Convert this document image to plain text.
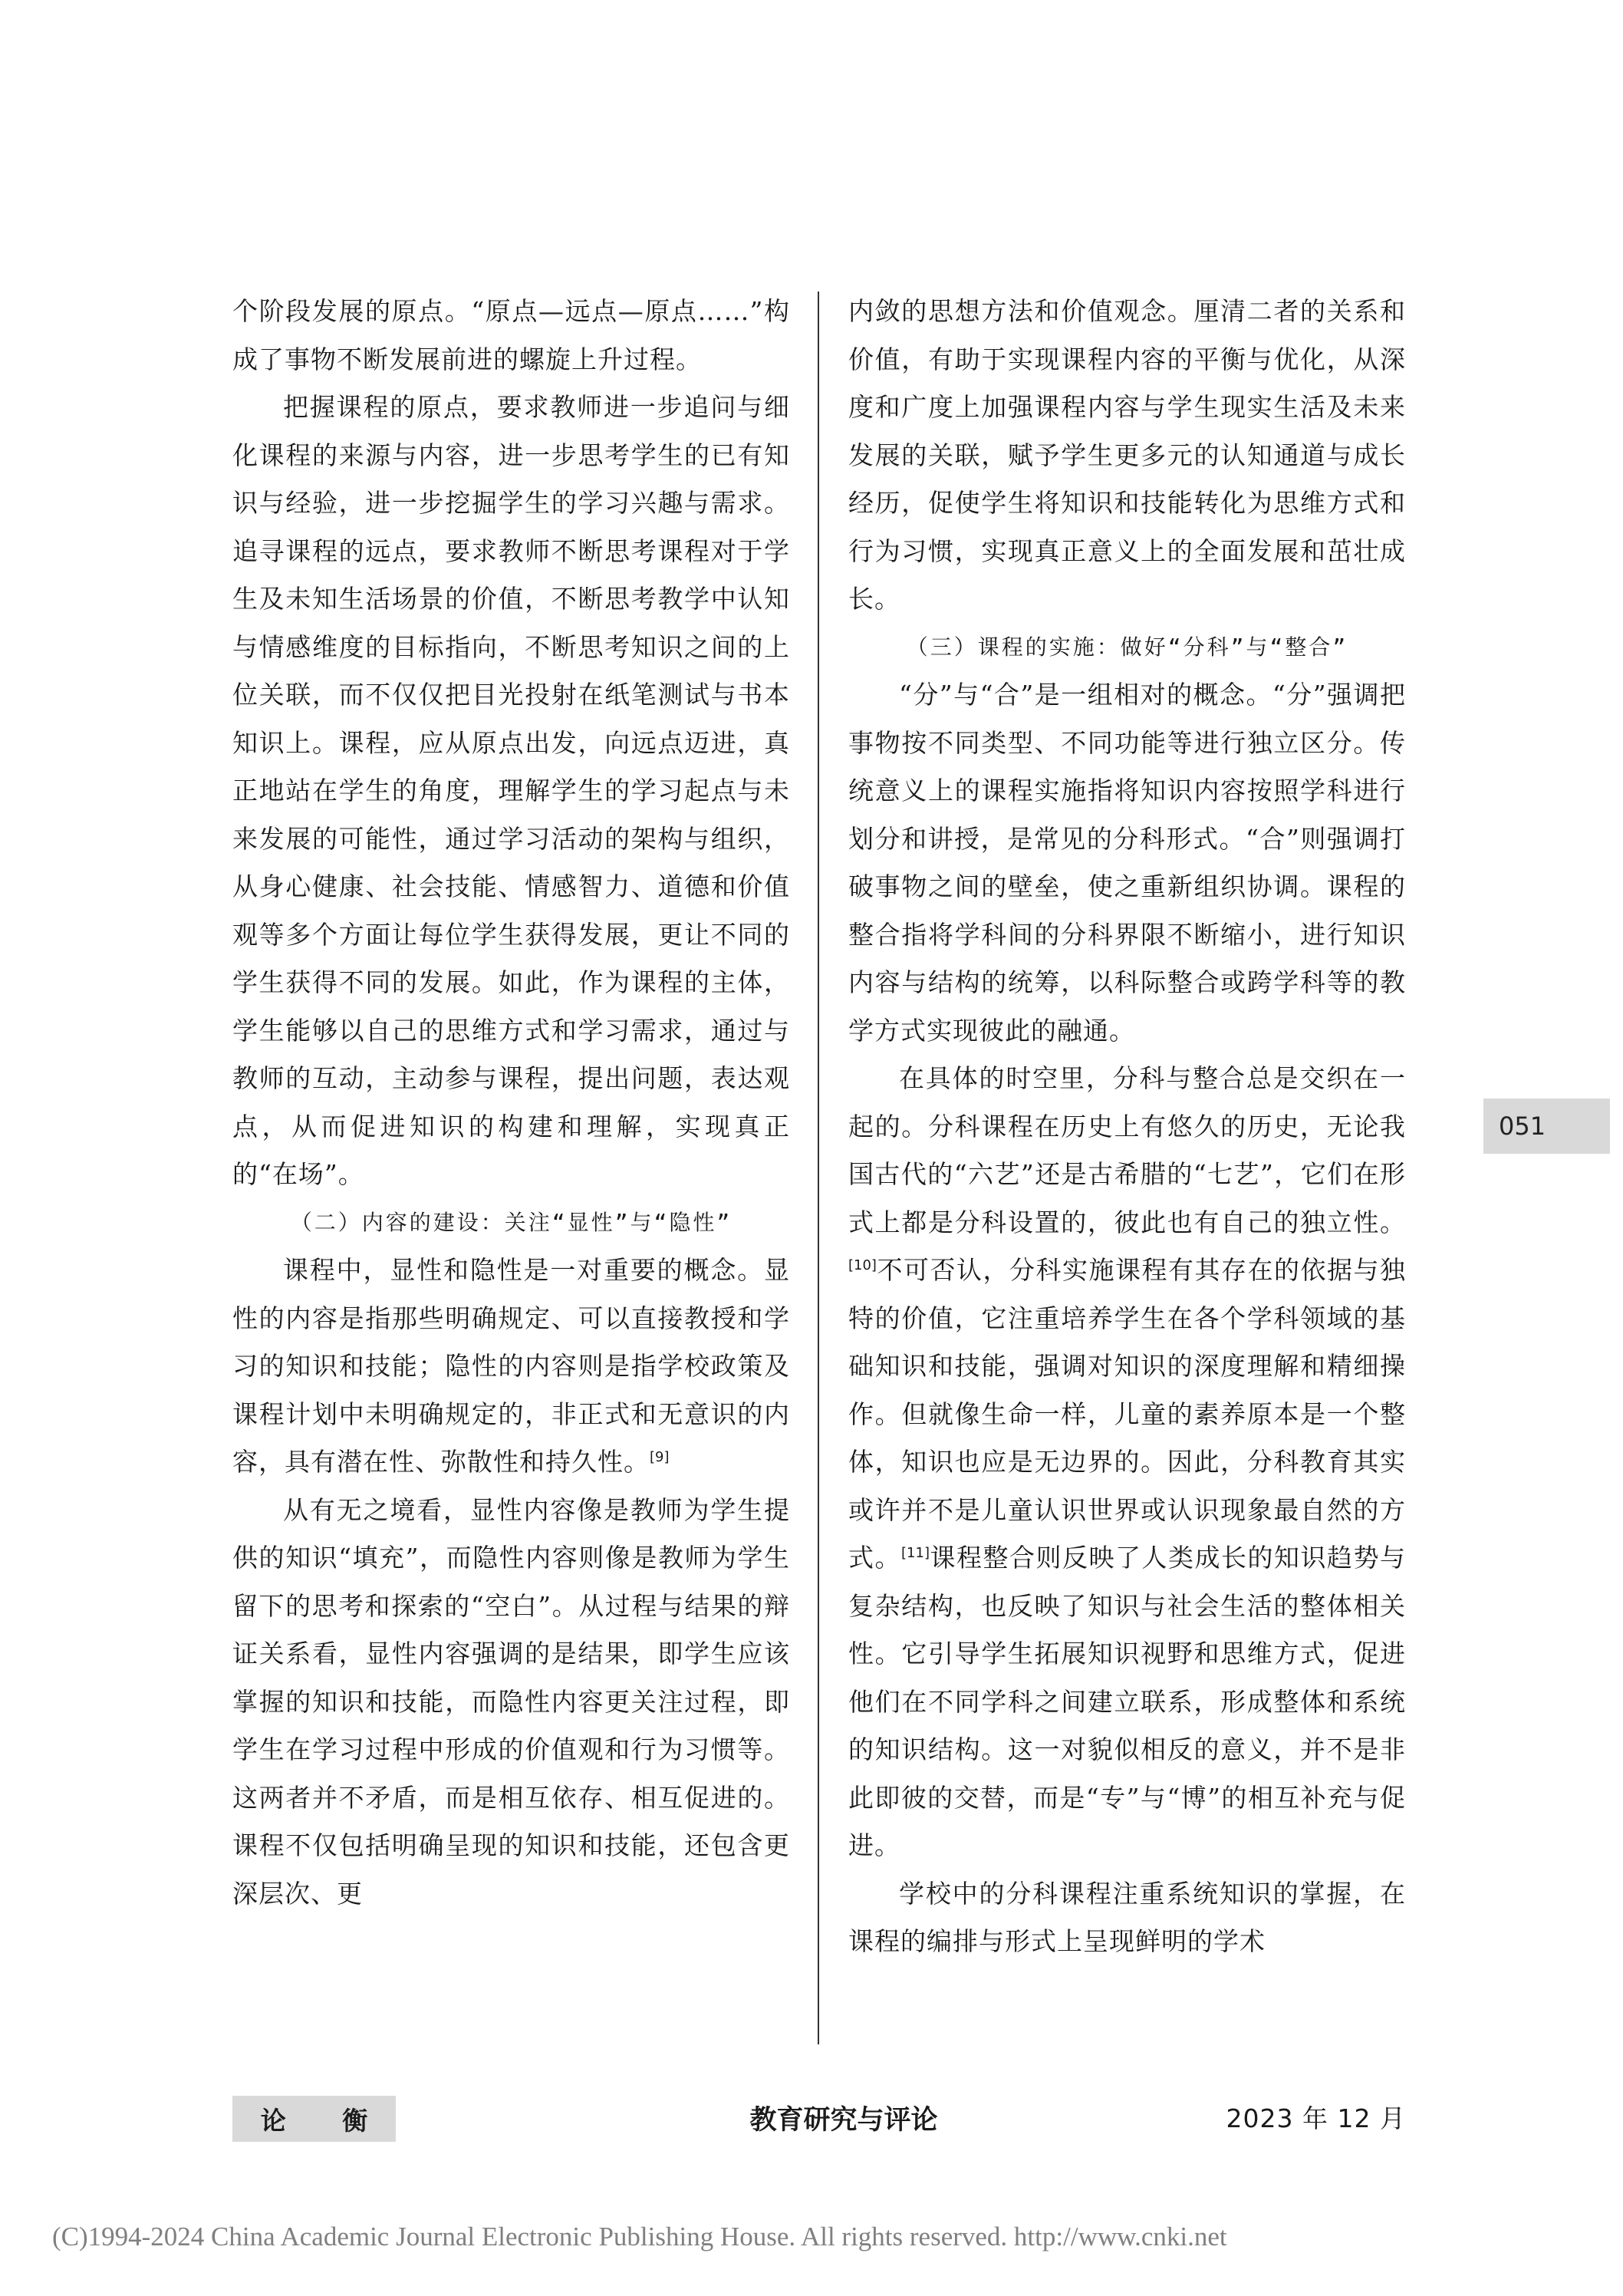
个阶段发展的原点。“原点—远点—原点……”构成了事物不断发展前进的螺旋上升过程。

把握课程的原点，要求教师进一步追问与细化课程的来源与内容，进一步思考学生的已有知识与经验，进一步挖掘学生的学习兴趣与需求。追寻课程的远点，要求教师不断思考课程对于学生及未知生活场景的价值，不断思考教学中认知与情感维度的目标指向，不断思考知识之间的上位关联，而不仅仅把目光投射在纸笔测试与书本知识上。课程，应从原点出发，向远点迈进，真正地站在学生的角度，理解学生的学习起点与未来发展的可能性，通过学习活动的架构与组织，从身心健康、社会技能、情感智力、道德和价值观等多个方面让每位学生获得发展，更让不同的学生获得不同的发展。如此，作为课程的主体，学生能够以自己的思维方式和学习需求，通过与教师的互动，主动参与课程，提出问题，表达观点，从而促进知识的构建和理解，实现真正的“在场”。

（二）内容的建设：关注“显性”与“隐性”

课程中，显性和隐性是一对重要的概念。显性的内容是指那些明确规定、可以直接教授和学习的知识和技能；隐性的内容则是指学校政策及课程计划中未明确规定的，非正式和无意识的内容，具有潜在性、弥散性和持久性。[9]

从有无之境看，显性内容像是教师为学生提供的知识“填充”，而隐性内容则像是教师为学生留下的思考和探索的“空白”。从过程与结果的辩证关系看，显性内容强调的是结果，即学生应该掌握的知识和技能，而隐性内容更关注过程，即学生在学习过程中形成的价值观和行为习惯等。这两者并不矛盾，而是相互依存、相互促进的。课程不仅包括明确呈现的知识和技能，还包含更深层次、更

内敛的思想方法和价值观念。厘清二者的关系和价值，有助于实现课程内容的平衡与优化，从深度和广度上加强课程内容与学生现实生活及未来发展的关联，赋予学生更多元的认知通道与成长经历，促使学生将知识和技能转化为思维方式和行为习惯，实现真正意义上的全面发展和茁壮成长。

（三）课程的实施：做好“分科”与“整合”

“分”与“合”是一组相对的概念。“分”强调把事物按不同类型、不同功能等进行独立区分。传统意义上的课程实施指将知识内容按照学科进行划分和讲授，是常见的分科形式。“合”则强调打破事物之间的壁垒，使之重新组织协调。课程的整合指将学科间的分科界限不断缩小，进行知识内容与结构的统筹，以科际整合或跨学科等的教学方式实现彼此的融通。

在具体的时空里，分科与整合总是交织在一起的。分科课程在历史上有悠久的历史，无论我国古代的“六艺”还是古希腊的“七艺”，它们在形式上都是分科设置的，彼此也有自己的独立性。[10]不可否认，分科实施课程有其存在的依据与独特的价值，它注重培养学生在各个学科领域的基础知识和技能，强调对知识的深度理解和精细操作。但就像生命一样，儿童的素养原本是一个整体，知识也应是无边界的。因此，分科教育其实或许并不是儿童认识世界或认识现象最自然的方式。[11]课程整合则反映了人类成长的知识趋势与复杂结构，也反映了知识与社会生活的整体相关性。它引导学生拓展知识视野和思维方式，促进他们在不同学科之间建立联系，形成整体和系统的知识结构。这一对貌似相反的意义，并不是非此即彼的交替，而是“专”与“博”的相互补充与促进。

学校中的分科课程注重系统知识的掌握，在课程的编排与形式上呈现鲜明的学术

051
论 衡	教育研究与评论	2023 年 12 月
(C)1994-2024 China Academic Journal Electronic Publishing House. All rights reserved. http://www.cnki.net
